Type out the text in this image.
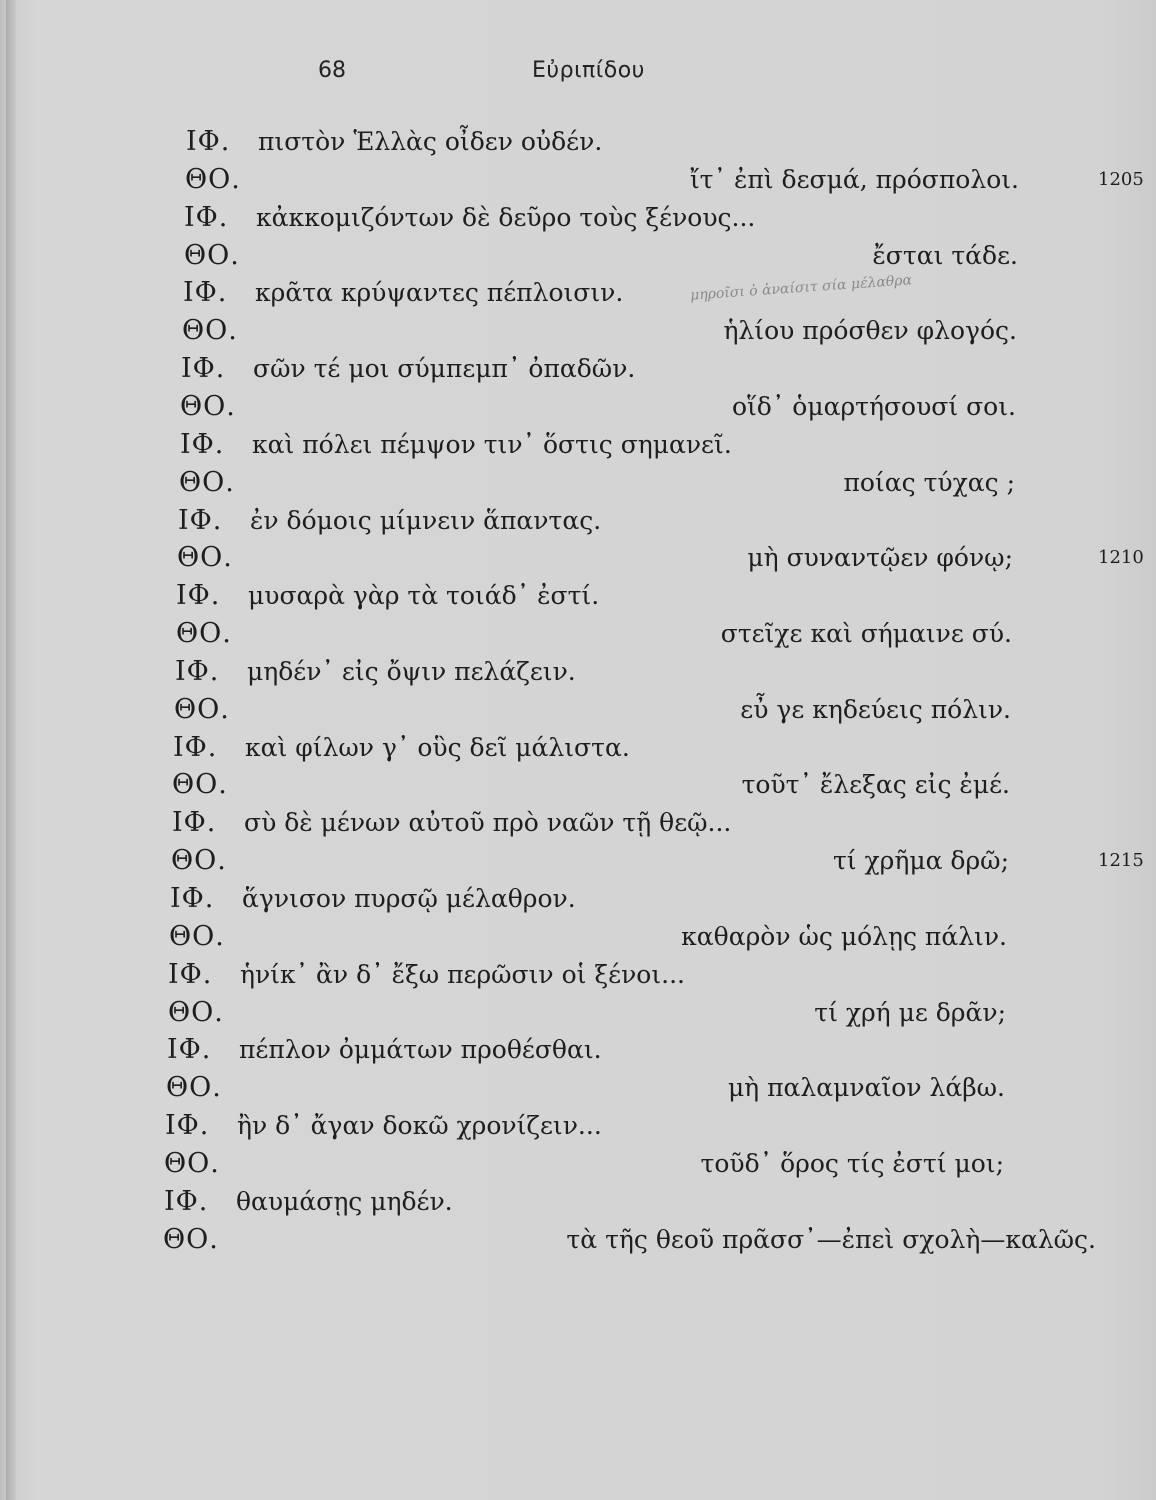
68	Εὐριπίδου
μηροῖσι ὁ ἀναίσιτ σία μέλαθρα
ΙΦ. πιστὸν Ἑλλὰς οἶδεν οὐδέν.
ΘΟ.	ἴτ᾽ ἐπὶ δεσμά, πρόσπολοι.	1205
ΙΦ. κἀκκομιζόντων δὲ δεῦρο τοὺς ξένους...
ΘΟ.	ἔσται τάδε.
ΙΦ. κρᾶτα κρύψαντες πέπλοισιν.
ΘΟ.	ἡλίου πρόσθεν φλογός.
ΙΦ. σῶν τέ μοι σύμπεμπ᾽ ὀπαδῶν.
ΘΟ.	οἵδ᾽ ὁμαρτήσουσί σοι.
ΙΦ. καὶ πόλει πέμψον τιν᾽ ὅστις σημανεῖ.
ΘΟ.	ποίας τύχας ;
ΙΦ. ἐν δόμοις μίμνειν ἅπαντας.
ΘΟ.	μὴ συναντῷεν φόνῳ;	1210
ΙΦ. μυσαρὰ γὰρ τὰ τοιάδ᾽ ἐστί.
ΘΟ.	στεῖχε καὶ σήμαινε σύ.
ΙΦ. μηδέν᾽ εἰς ὄψιν πελάζειν.
ΘΟ.	εὖ γε κηδεύεις πόλιν.
ΙΦ. καὶ φίλων γ᾽ οὓς δεῖ μάλιστα.
ΘΟ.	τοῦτ᾽ ἔλεξας εἰς ἐμέ.
ΙΦ. σὺ δὲ μένων αὐτοῦ πρὸ ναῶν τῇ θεῷ...
ΘΟ.	τί χρῆμα δρῶ;	1215
ΙΦ. ἅγνισον πυρσῷ μέλαθρον.
ΘΟ.	καθαρὸν ὡς μόλῃς πάλιν.
ΙΦ. ἡνίκ᾽ ἂν δ᾽ ἔξω περῶσιν οἱ ξένοι...
ΘΟ.	τί χρή με δρᾶν;
ΙΦ. πέπλον ὀμμάτων προθέσθαι.
ΘΟ.	μὴ παλαμναῖον λάβω.
ΙΦ. ἢν δ᾽ ἄγαν δοκῶ χρονίζειν...
ΘΟ.	τοῦδ᾽ ὅρος τίς ἐστί μοι;
ΙΦ. θαυμάσῃς μηδέν.
ΘΟ.	τὰ τῆς θεοῦ πρᾶσσ᾽—ἐπεὶ σχολὴ—καλῶς.
